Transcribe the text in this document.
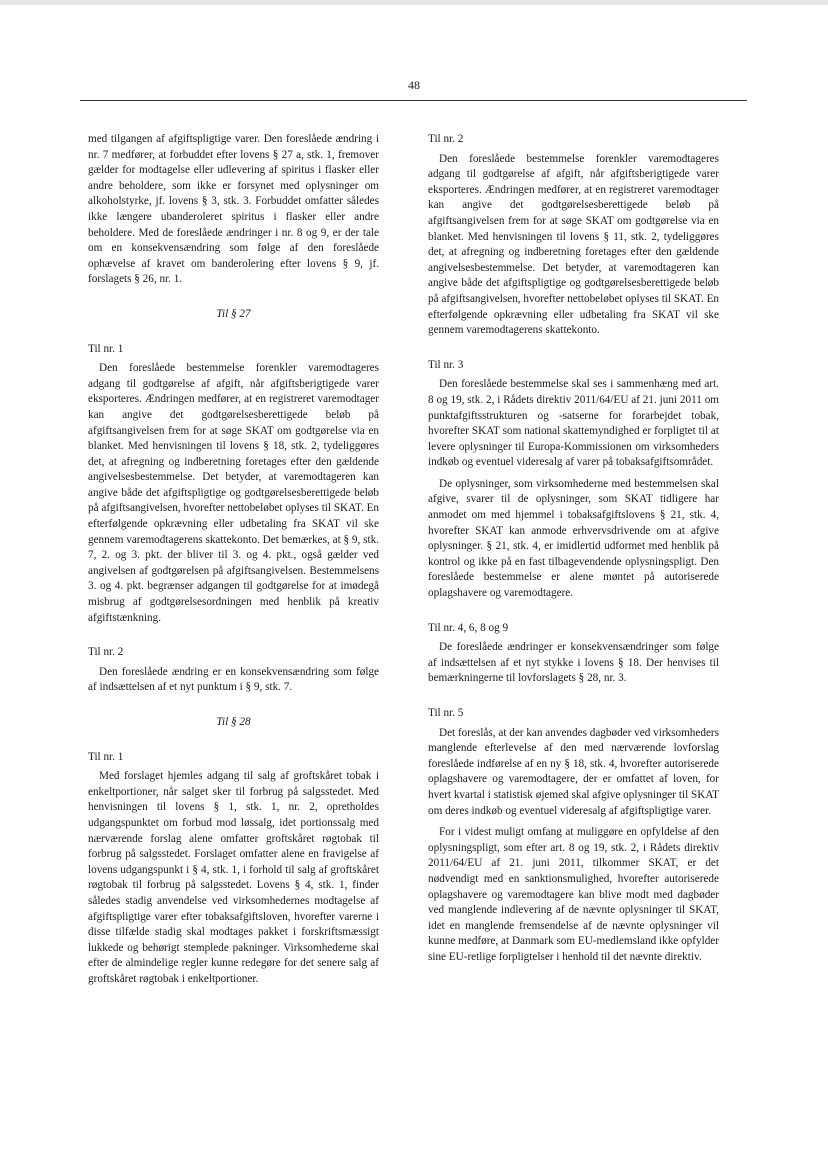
48

med tilgangen af afgiftspligtige varer. Den foreslåede ændring i nr. 7 medfører, at forbuddet efter lovens § 27 a, stk. 1, fremover gælder for modtagelse eller udlevering af spiritus i flasker eller andre beholdere, som ikke er forsynet med oplysninger om alkoholstyrke, jf. lovens § 3, stk. 3. Forbuddet omfatter således ikke længere ubanderoleret spiritus i flasker eller andre beholdere. Med de foreslåede ændringer i nr. 8 og 9, er der tale om en konsekvensændring som følge af den foreslåede ophævelse af kravet om banderolering efter lovens § 9, jf. forslagets § 26, nr. 1.

Til § 27

Til nr. 1

Den foreslåede bestemmelse forenkler varemodtageres adgang til godtgørelse af afgift, når afgiftsberigtigede varer eksporteres. Ændringen medfører, at en registreret varemodtager kan angive det godtgørelsesberettigede beløb på afgiftsangivelsen frem for at søge SKAT om godtgørelse via en blanket. Med henvisningen til lovens § 18, stk. 2, tydeliggøres det, at afregning og indberetning foretages efter den gældende angivelsesbestemmelse. Det betyder, at varemodtageren kan angive både det afgiftspligtige og godtgørelsesberettigede beløb på afgiftsangivelsen, hvorefter nettobeløbet oplyses til SKAT. En efterfølgende opkrævning eller udbetaling fra SKAT vil ske gennem varemodtagerens skattekonto. Det bemærkes, at § 9, stk. 7, 2. og 3. pkt. der bliver til 3. og 4. pkt., også gælder ved angivelsen af godtgørelsen på afgiftsangivelsen. Bestemmelsens 3. og 4. pkt. begrænser adgangen til godtgørelse for at imødegå misbrug af godtgørelsesordningen med henblik på kreativ afgiftstænkning.

Til nr. 2

Den foreslåede ændring er en konsekvensændring som følge af indsættelsen af et nyt punktum i § 9, stk. 7.

Til § 28

Til nr. 1

Med forslaget hjemles adgang til salg af groftskåret tobak i enkeltportioner, når salget sker til forbrug på salgsstedet. Med henvisningen til lovens § 1, stk. 1, nr. 2, opretholdes udgangspunktet om forbud mod løssalg, idet portionssalg med nærværende forslag alene omfatter groftskåret røgtobak til forbrug på salgsstedet. Forslaget omfatter alene en fravigelse af lovens udgangspunkt i § 4, stk. 1, i forhold til salg af groftskåret røgtobak til forbrug på salgsstedet. Lovens § 4, stk. 1, finder således stadig anvendelse ved virksomhedernes modtagelse af afgiftspligtige varer efter tobaksafgiftsloven, hvorefter varerne i disse tilfælde stadig skal modtages pakket i forskriftsmæssigt lukkede og behørigt stemplede pakninger. Virksomhederne skal efter de almindelige regler kunne redegøre for det senere salg af groftskåret røgtobak i enkeltportioner.

Til nr. 2

Den foreslåede bestemmelse forenkler varemodtageres adgang til godtgørelse af afgift, når afgiftsberigtigede varer eksporteres. Ændringen medfører, at en registreret varemodtager kan angive det godtgørelsesberettigede beløb på afgiftsangivelsen frem for at søge SKAT om godtgørelse via en blanket. Med henvisningen til lovens § 11, stk. 2, tydeliggøres det, at afregning og indberetning foretages efter den gældende angivelsesbestemmelse. Det betyder, at varemodtageren kan angive både det afgiftspligtige og godtgørelsesberettigede beløb på afgiftsangivelsen, hvorefter nettobeløbet oplyses til SKAT. En efterfølgende opkrævning eller udbetaling fra SKAT vil ske gennem varemodtagerens skattekonto.

Til nr. 3

Den foreslåede bestemmelse skal ses i sammenhæng med art. 8 og 19, stk. 2, i Rådets direktiv 2011/64/EU af 21. juni 2011 om punktafgiftsstrukturen og -satserne for forarbejdet tobak, hvorefter SKAT som national skattemyndighed er forpligtet til at levere oplysninger til Europa-Kommissionen om virksomheders indkøb og eventuel videresalg af varer på tobaksafgiftsområdet.

De oplysninger, som virksomhederne med bestemmelsen skal afgive, svarer til de oplysninger, som SKAT tidligere har anmodet om med hjemmel i tobaksafgiftslovens § 21, stk. 4, hvorefter SKAT kan anmode erhvervsdrivende om at afgive oplysninger. § 21, stk. 4, er imidlertid udformet med henblik på kontrol og ikke på en fast tilbagevendende oplysningspligt. Den foreslåede bestemmelse er alene møntet på autoriserede oplagshavere og varemodtagere.

Til nr. 4, 6, 8 og 9

De foreslåede ændringer er konsekvensændringer som følge af indsættelsen af et nyt stykke i lovens § 18. Der henvises til bemærkningerne til lovforslagets § 28, nr. 3.

Til nr. 5

Det foreslås, at der kan anvendes dagbøder ved virksomheders manglende efterlevelse af den med nærværende lovforslag foreslåede indførelse af en ny § 18, stk. 4, hvorefter autoriserede oplagshavere og varemodtagere, der er omfattet af loven, for hvert kvartal i statistisk øjemed skal afgive oplysninger til SKAT om deres indkøb og eventuel videresalg af afgiftspligtige varer.

For i videst muligt omfang at muliggøre en opfyldelse af den oplysningspligt, som efter art. 8 og 19, stk. 2, i Rådets direktiv 2011/64/EU af 21. juni 2011, tilkommer SKAT, er det nødvendigt med en sanktionsmulighed, hvorefter autoriserede oplagshavere og varemodtagere kan blive modt med dagbøder ved manglende indlevering af de nævnte oplysninger til SKAT, idet en manglende fremsendelse af de nævnte oplysninger vil kunne medføre, at Danmark som EU-medlemsland ikke opfylder sine EU-retlige forpligtelser i henhold til det nævnte direktiv.
